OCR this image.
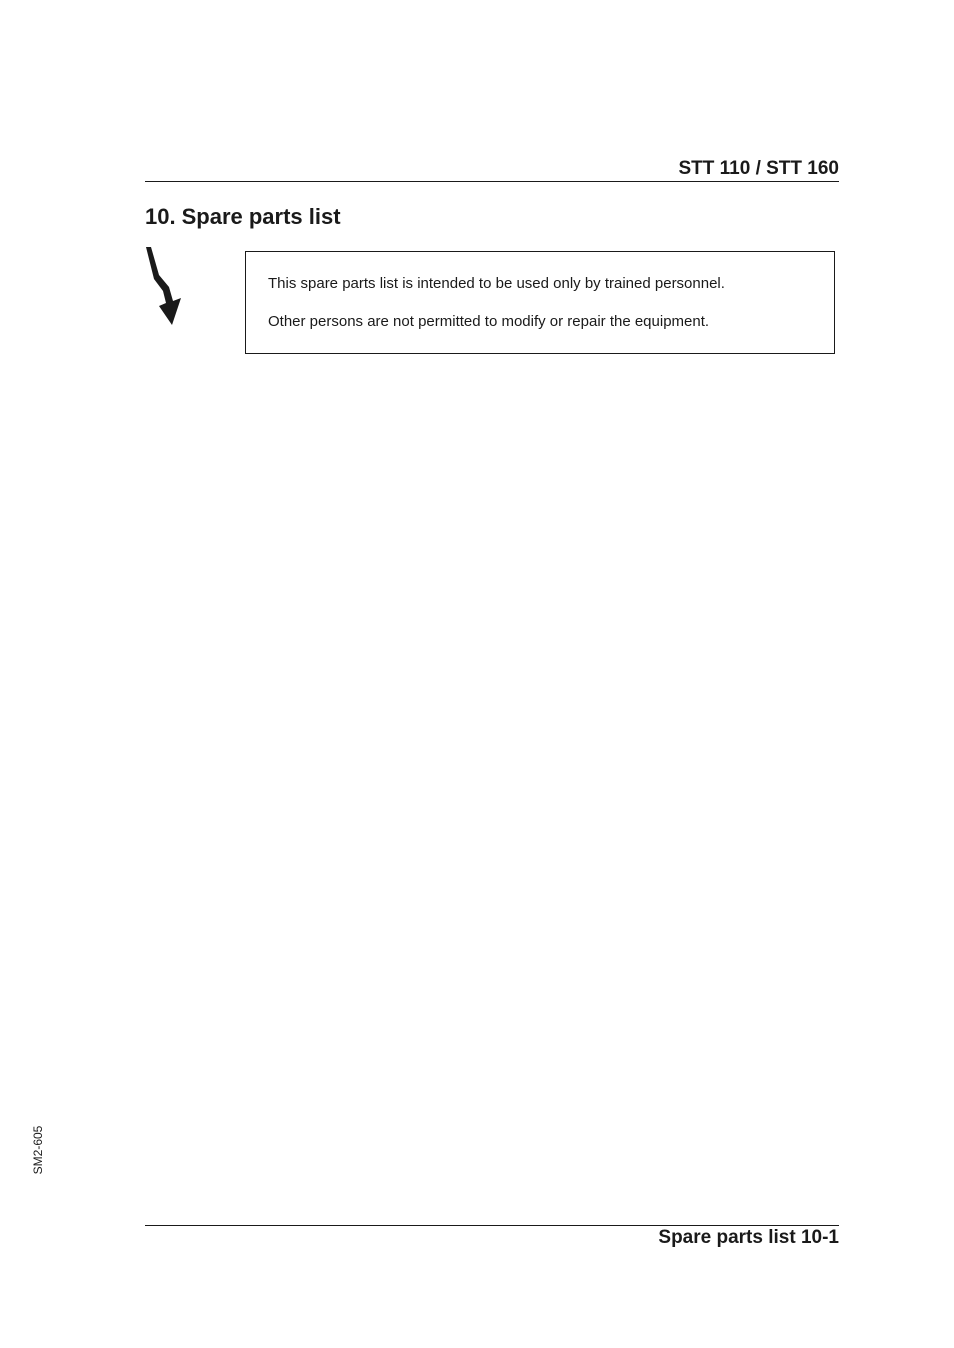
STT 110 / STT 160
10. Spare parts list
This spare parts list is intended to be used only by trained personnel.
Other persons are not permitted to modify or repair the equipment.
SM2-605
Spare parts list 10-1
